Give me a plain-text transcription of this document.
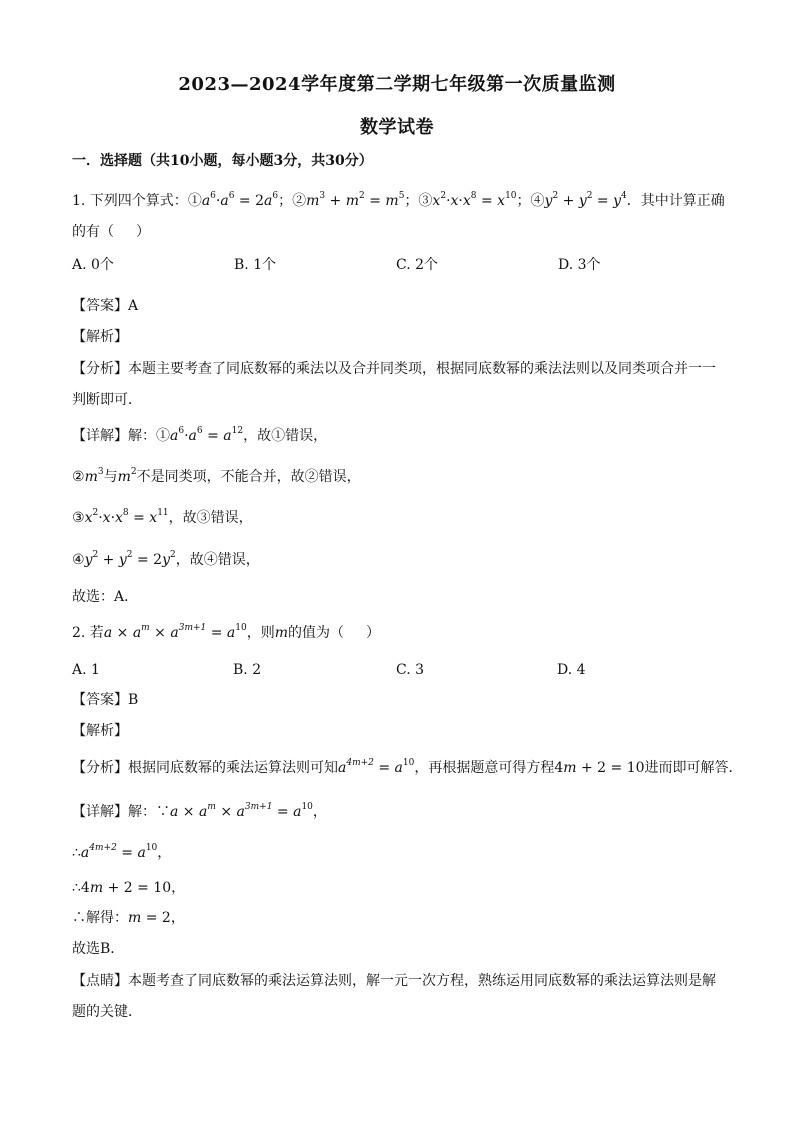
2023—2024学年度第二学期七年级第一次质量监测
数学试卷
一．选择题（共10小题，每小题3分，共30分）
1. 下列四个算式：$①a^6\cdot a^6 = 2a^6$；$②m^3 + m^2 = m^5$；$③x^2\cdot x\cdot x^8 = x^{10}$；$④y^2 + y^2 = y^4$．其中计算正确
的有（ ）
A. 0个	B. 1个	C. 2个	D. 3个
【答案】A
【解析】
【分析】本题主要考查了同底数幂的乘法以及合并同类项，根据同底数幂的乘法法则以及同类项合并一一
判断即可．
【详解】解：$①a^6\cdot a^6 = a^{12}$，故①错误，
$②m^3$与$m^2$不是同类项，不能合并，故②错误，
$③x^2\cdot x\cdot x^8 = x^{11}$，故③错误，
$④y^2 + y^2 = 2y^2$，故④错误，
故选：A．
2. 若$a \times a^m \times a^{3m+1} = a^{10}$，则m的值为（ ）
A. 1	B. 2	C. 3	D. 4
【答案】B
【解析】
【分析】根据同底数幂的乘法运算法则可知$a^{4m+2} = a^{10}$，再根据题意可得方程4m + 2 = 10进而即可解答．
【详解】解：∵a × $a^m \times a^{3m+1} = a^{10}$，
$\therefore a^{4m+2} = a^{10}$，
∴4m + 2 = 10，
∴解得：m = 2，
故选B．
【点睛】本题考查了同底数幂的乘法运算法则，解一元一次方程，熟练运用同底数幂的乘法运算法则是解
题的关键．
